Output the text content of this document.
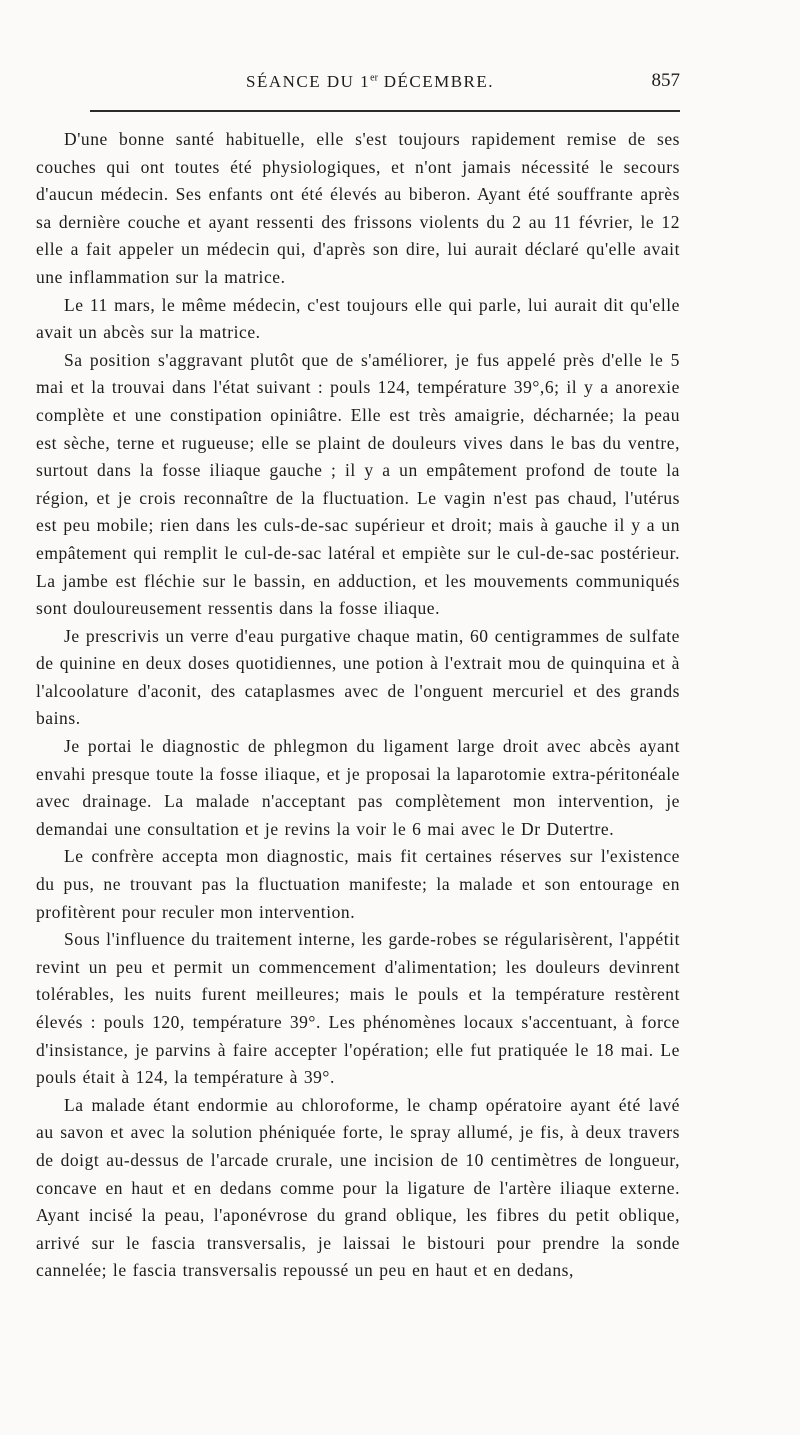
SÉANCE DU 1er DÉCEMBRE.	857

D'une bonne santé habituelle, elle s'est toujours rapidement remise de ses couches qui ont toutes été physiologiques, et n'ont jamais nécessité le secours d'aucun médecin. Ses enfants ont été élevés au biberon. Ayant été souffrante après sa dernière couche et ayant ressenti des frissons violents du 2 au 11 février, le 12 elle a fait appeler un médecin qui, d'après son dire, lui aurait déclaré qu'elle avait une inflammation sur la matrice.

Le 11 mars, le même médecin, c'est toujours elle qui parle, lui aurait dit qu'elle avait un abcès sur la matrice.

Sa position s'aggravant plutôt que de s'améliorer, je fus appelé près d'elle le 5 mai et la trouvai dans l'état suivant : pouls 124, température 39°,6; il y a anorexie complète et une constipation opiniâtre. Elle est très amaigrie, décharnée; la peau est sèche, terne et rugueuse; elle se plaint de douleurs vives dans le bas du ventre, surtout dans la fosse iliaque gauche ; il y a un empâtement profond de toute la région, et je crois reconnaître de la fluctuation. Le vagin n'est pas chaud, l'utérus est peu mobile; rien dans les culs-de-sac supérieur et droit; mais à gauche il y a un empâtement qui remplit le cul-de-sac latéral et empiète sur le cul-de-sac postérieur. La jambe est fléchie sur le bassin, en adduction, et les mouvements communiqués sont douloureusement ressentis dans la fosse iliaque.

Je prescrivis un verre d'eau purgative chaque matin, 60 centigrammes de sulfate de quinine en deux doses quotidiennes, une potion à l'extrait mou de quinquina et à l'alcoolature d'aconit, des cataplasmes avec de l'onguent mercuriel et des grands bains.

Je portai le diagnostic de phlegmon du ligament large droit avec abcès ayant envahi presque toute la fosse iliaque, et je proposai la laparotomie extra-péritonéale avec drainage. La malade n'acceptant pas complètement mon intervention, je demandai une consultation et je revins la voir le 6 mai avec le Dr Dutertre.

Le confrère accepta mon diagnostic, mais fit certaines réserves sur l'existence du pus, ne trouvant pas la fluctuation manifeste; la malade et son entourage en profitèrent pour reculer mon intervention.

Sous l'influence du traitement interne, les garde-robes se régularisèrent, l'appétit revint un peu et permit un commencement d'alimentation; les douleurs devinrent tolérables, les nuits furent meilleures; mais le pouls et la température restèrent élevés : pouls 120, température 39°. Les phénomènes locaux s'accentuant, à force d'insistance, je parvins à faire accepter l'opération; elle fut pratiquée le 18 mai. Le pouls était à 124, la température à 39°.

La malade étant endormie au chloroforme, le champ opératoire ayant été lavé au savon et avec la solution phéniquée forte, le spray allumé, je fis, à deux travers de doigt au-dessus de l'arcade crurale, une incision de 10 centimètres de longueur, concave en haut et en dedans comme pour la ligature de l'artère iliaque externe. Ayant incisé la peau, l'aponévrose du grand oblique, les fibres du petit oblique, arrivé sur le fascia transversalis, je laissai le bistouri pour prendre la sonde cannelée; le fascia transversalis repoussé un peu en haut et en dedans,
